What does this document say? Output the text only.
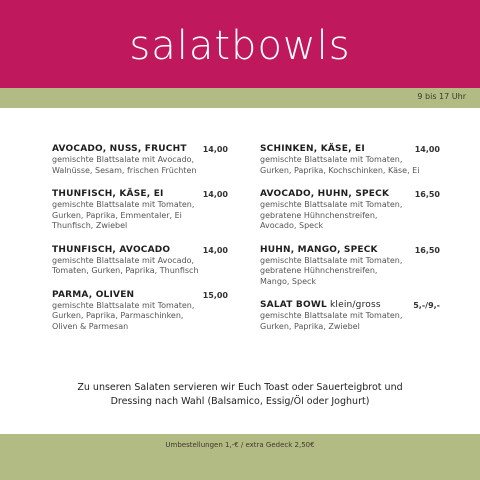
salatbowls
9 bis 17 Uhr
AVOCADO, NUSS, FRUCHT	14,00
gemischte Blattsalate mit Avocado,
Walnüsse, Sesam, frischen Früchten
THUNFISCH, KÄSE, EI	14,00
gemischte Blattsalate mit Tomaten,
Gurken, Paprika, Emmentaler, Ei
Thunfisch, Zwiebel
THUNFISCH, AVOCADO	14,00
gemischte Blattsalate mit Avocado,
Tomaten, Gurken, Paprika, Thunfisch
PARMA, OLIVEN	15,00
gemischte Blattsalate mit Tomaten,
Gurken, Paprika, Parmaschinken,
Oliven & Parmesan
SCHINKEN, KÄSE, EI	14,00
gemischte Blattsalate mit Tomaten,
Gurken, Paprika, Kochschinken, Käse, Ei
AVOCADO, HUHN, SPECK	16,50
gemischte Blattsalate mit Tomaten,
gebratene Hühnchenstreifen,
Avocado, Speck
HUHN, MANGO, SPECK	16,50
gemischte Blattsalate mit Tomaten,
gebratene Hühnchenstreifen,
Mango, Speck
SALAT BOWL klein/gross	5,-/9,-
gemischte Blattsalate mit Tomaten,
Gurken, Paprika, Zwiebel
Zu unseren Salaten servieren wir Euch Toast oder Sauerteigbrot und
Dressing nach Wahl (Balsamico, Essig/Öl oder Joghurt)
Umbestellungen 1,-€ / extra Gedeck 2,50€
